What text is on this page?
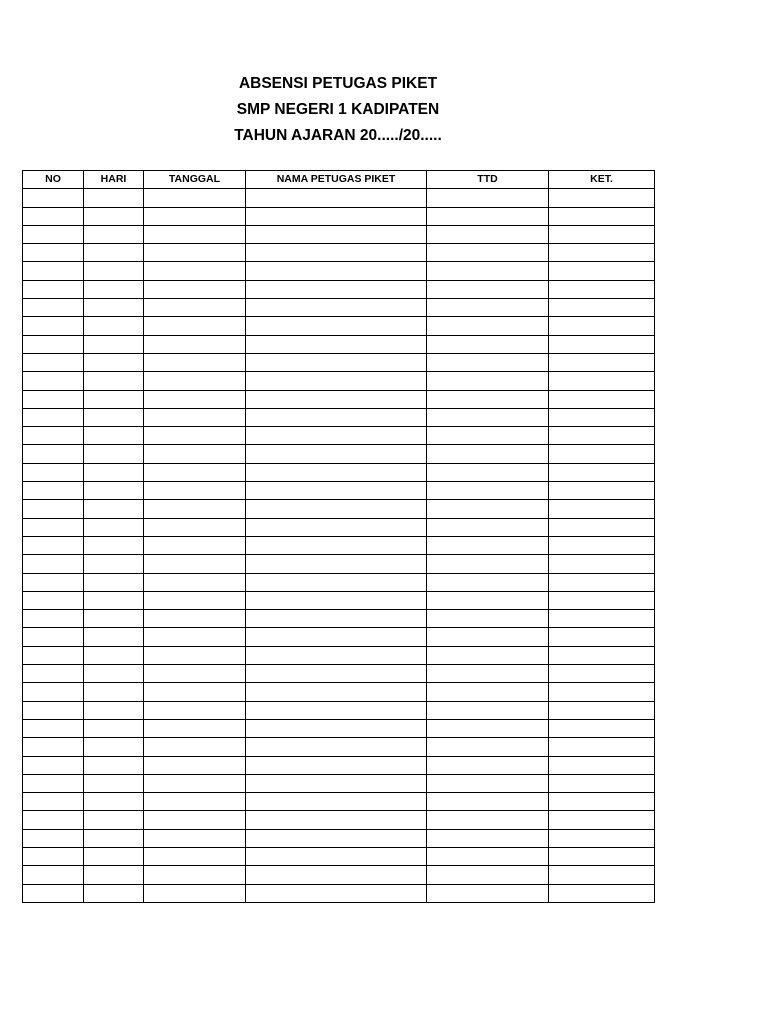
ABSENSI PETUGAS PIKET
SMP NEGERI 1 KADIPATEN
TAHUN AJARAN 20...../20.....
NO	HARI	TANGGAL	NAMA PETUGAS PIKET	TTD	KET.
